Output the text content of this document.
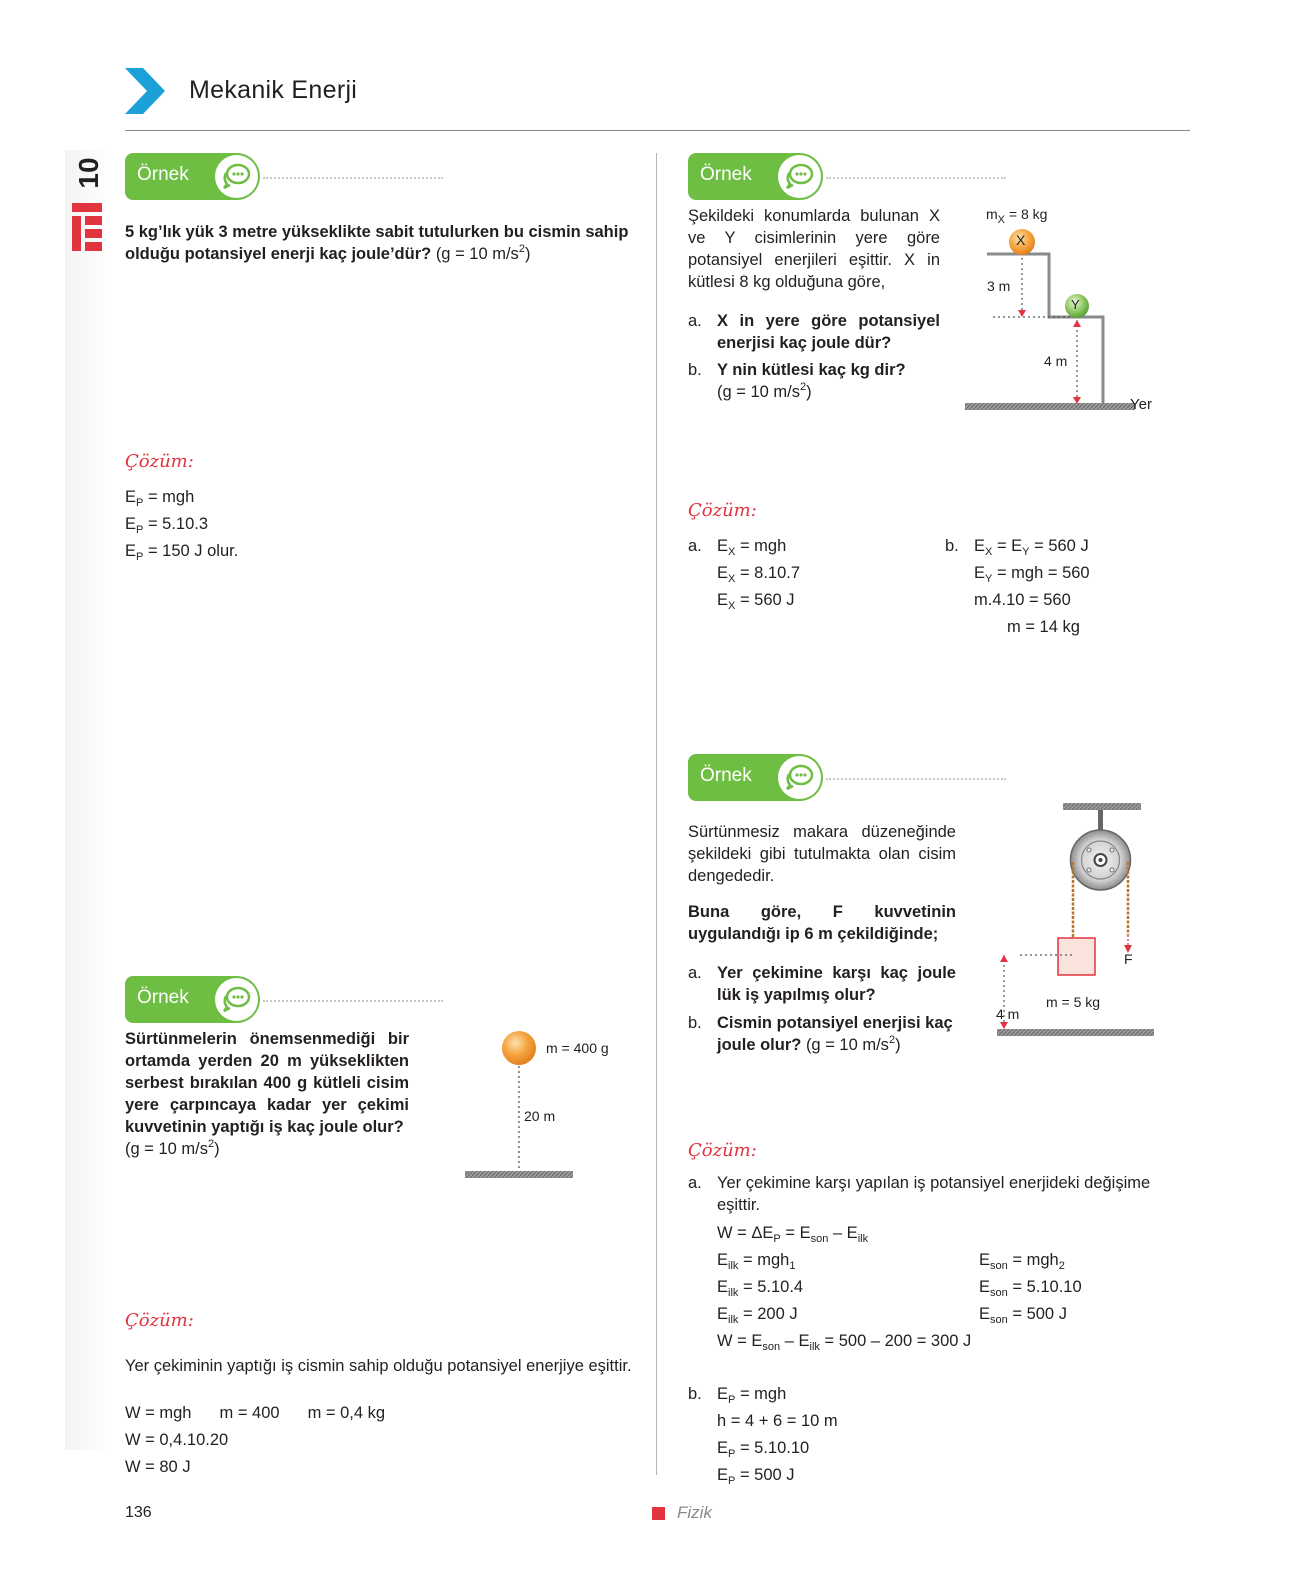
Mekanik Enerji
10	Örnek
5 kg’lık yük 3 metre yükseklikte sabit tutulurken bu cismin sahip olduğu potansiyel enerji kaç joule’dür? (g = 10 $m/s^2$)
Çözüm:
$E_P$ = mgh
$E_P = 5.10.3$
$E_P = 150$ J olur.
Örnek
Sürtünmelerin önemsenmediği bir ortamda yerden 20 m yükseklikten serbest bırakılan 400 g kütleli cisim yere çarpıncaya kadar yer çekimi kuvvetinin yaptığı iş kaç joule olur?
(g = 10 $m/s^2$)
m = 400 g
20 m
Çözüm:
Yer çekiminin yaptığı iş cismin sahip olduğu potansiyel enerjiye eşittir.
W = mgh m = 400 m = 0,4 kg
W = 0,4.10.20
W = 80 J
Örnek
Şekildeki konumlarda bulunan X ve Y cisimlerinin yere göre potansiyel enerjileri eşittir. X in kütlesi 8 kg olduğuna göre,
a. X in yere göre potansiyel enerjisi kaç joule dür?
b. Y nin kütlesi kaç kg dir?
(g = 10 $m/s^2$)
$m_X = 8$ kg
X
Y
3 m
4 m
Yer
Çözüm:
a. $E_X$ = mgh
$E_X = 8.10.7$
$E_X = 560$ J
b. $E_X = E_Y = 560$ J
$E_Y$ = mgh = 560
m.4.10 = 560
m = 14 kg
Örnek
Sürtünmesiz makara düzeneğinde şekildeki gibi tutulmakta olan cisim dengededir.
Buna göre, F kuvvetinin uygulandığı ip 6 m çekildiğinde;
a. Yer çekimine karşı kaç joule lük iş yapılmış olur?
b. Cismin potansiyel enerjisi kaç joule olur? (g = 10 $m/s^2$)
F
m = 5 kg
4 m
Çözüm:
a. Yer çekimine karşı yapılan iş potansiyel enerjideki değişime eşittir.
$W = \Delta E_P = E_{son} - E_{ilk}$
$E_{ilk} = mgh_1$
$E_{ilk} = 5.10.4$
$E_{ilk} = 200$ J
$W = E_{son} - E_{ilk} = 500 - 200 = 300$ J
$E_{son} = mgh_2$
$E_{son} = 5.10.10$
$E_{son} = 500$ J
b. $E_P$ = mgh
h = 4 + 6 = 10 m
$E_P = 5.10.10$
$E_P = 500$ J
136	Fizik
